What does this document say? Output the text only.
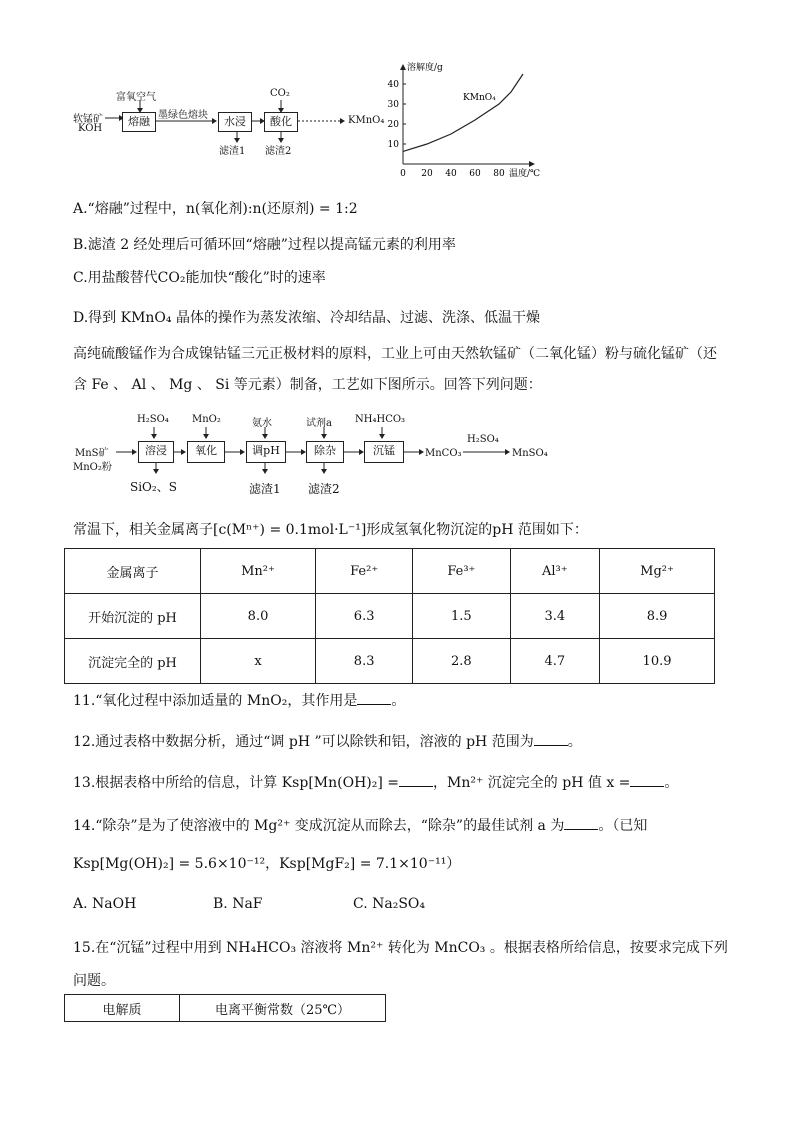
软锰矿
KOH
富氧空气
熔融 墨绿色熔块	水浸
滤渣1
CO₂
酸化
滤渣2
KMnO₄
0 20 40 60 80
10
20
30
40
溶解度/g
温度/℃
KMnO₄
A.“熔融”过程中，n(氧化剂):n(还原剂) = 1:2
B.滤渣 2 经处理后可循环回“熔融”过程以提高锰元素的利用率
C.用盐酸替代CO₂能加快“酸化”时的速率
D.得到 KMnO₄ 晶体的操作为蒸发浓缩、冷却结晶、过滤、洗涤、低温干燥
高纯硫酸锰作为合成镍钴锰三元正极材料的原料，工业上可由天然软锰矿（二氧化锰）粉与硫化锰矿（还
含 Fe 、 Al 、 Mg 、 Si 等元素）制备，工艺如下图所示。回答下列问题：
MnS矿
MnO₂粉
H₂SO₄
溶浸
SiO₂、S
MnO₂
氧化
氨水
调pH
滤渣1
试剂a
除杂
滤渣2
NH₄HCO₃
沉锰	MnCO₃
H₂SO₄
MnSO₄
常温下，相关金属离子[c(Mⁿ⁺) = 0.1mol·L⁻¹]形成氢氧化物沉淀的pH 范围如下：
金属离子	Mn²⁺	Fe²⁺	Fe³⁺	Al³⁺	Mg²⁺
开始沉淀的 pH	8.0	6.3	1.5	3.4	8.9
沉淀完全的 pH	x	8.3	2.8	4.7	10.9
11.“氧化过程中添加适量的 MnO₂，其作用是 。
12.通过表格中数据分析，通过“调 pH ”可以除铁和铝，溶液的 pH 范围为 。
13.根据表格中所给的信息，计算 Ksp[Mn(OH)₂] = ，Mn²⁺ 沉淀完全的 pH 值 x = 。
14.“除杂”是为了使溶液中的 Mg²⁺ 变成沉淀从而除去，“除杂”的最佳试剂 a 为 。（已知
Ksp[Mg(OH)₂] = 5.6×10⁻¹²，Ksp[MgF₂] = 7.1×10⁻¹¹）
A. NaOH	B. NaF	C. Na₂SO₄
15.在“沉锰”过程中用到 NH₄HCO₃ 溶液将 Mn²⁺ 转化为 MnCO₃ 。根据表格所给信息，按要求完成下列
问题。
电解质	电离平衡常数（25℃）
